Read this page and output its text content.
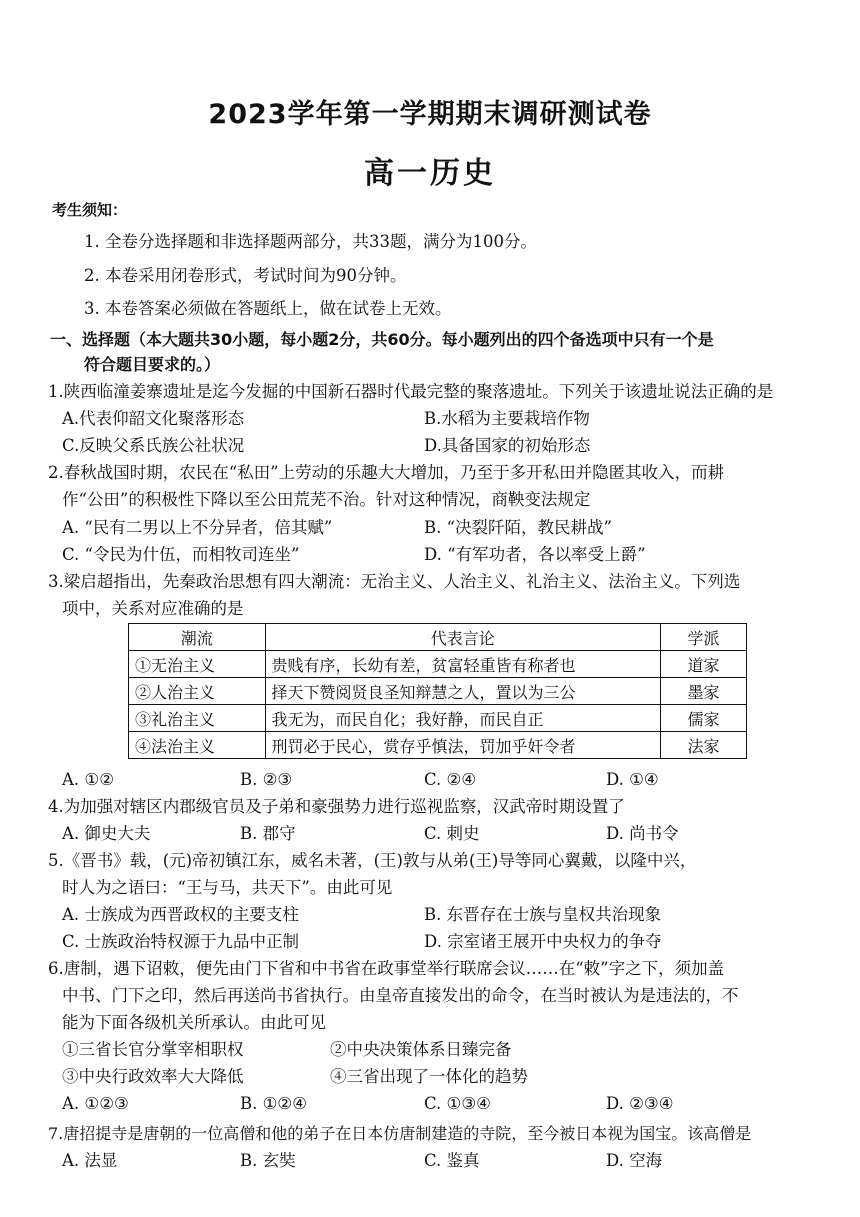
2023学年第一学期期末调研测试卷
高一历史
考生须知：
1. 全卷分选择题和非选择题两部分，共33题，满分为100分。
2. 本卷采用闭卷形式，考试时间为90分钟。
3. 本卷答案必须做在答题纸上，做在试卷上无效。
一、选择题（本大题共30小题，每小题2分，共60分。每小题列出的四个备选项中只有一个是
符合题目要求的。）
1.陕西临潼姜寨遗址是迄今发掘的中国新石器时代最完整的聚落遗址。下列关于该遗址说法正确的是
A.代表仰韶文化聚落形态	B.水稻为主要栽培作物
C.反映父系氏族公社状况	D.具备国家的初始形态
2.春秋战国时期，农民在“私田”上劳动的乐趣大大增加，乃至于多开私田并隐匿其收入，而耕
作“公田”的积极性下降以至公田荒芜不治。针对这种情况，商鞅变法规定
A. “民有二男以上不分异者，倍其赋”	B. “决裂阡陌，教民耕战”
C. “令民为什伍，而相牧司连坐”	D. “有军功者，各以率受上爵”
3.梁启超指出，先秦政治思想有四大潮流：无治主义、人治主义、礼治主义、法治主义。下列选
项中，关系对应准确的是
潮流	代表言论	学派
①无治主义	贵贱有序，长幼有差，贫富轻重皆有称者也	道家
②人治主义	择天下赞阅贤良圣知辩慧之人，置以为三公	墨家
③礼治主义	我无为，而民自化；我好静，而民自正	儒家
④法治主义	刑罚必于民心，赏存乎慎法，罚加乎奸令者	法家
A. ①②	B. ②③	C. ②④	D. ①④
4.为加强对辖区内郡级官员及子弟和豪强势力进行巡视监察，汉武帝时期设置了
A. 御史大夫	B. 郡守	C. 刺史	D. 尚书令
5.《晋书》载，(元)帝初镇江东，威名未著，(王)敦与从弟(王)导等同心翼戴，以隆中兴，
时人为之语曰：“王与马，共天下”。由此可见
A. 士族成为西晋政权的主要支柱	B. 东晋存在士族与皇权共治现象
C. 士族政治特权源于九品中正制	D. 宗室诸王展开中央权力的争夺
6.唐制，遇下诏敕，便先由门下省和中书省在政事堂举行联席会议……在“敕”字之下，须加盖
中书、门下之印，然后再送尚书省执行。由皇帝直接发出的命令，在当时被认为是违法的，不
能为下面各级机关所承认。由此可见
①三省长官分掌宰相职权	②中央决策体系日臻完备
③中央行政效率大大降低	④三省出现了一体化的趋势
A. ①②③	B. ①②④	C. ①③④	D. ②③④
7.唐招提寺是唐朝的一位高僧和他的弟子在日本仿唐制建造的寺院，至今被日本视为国宝。该高僧是
A. 法显	B. 玄奘	C. 鉴真	D. 空海
